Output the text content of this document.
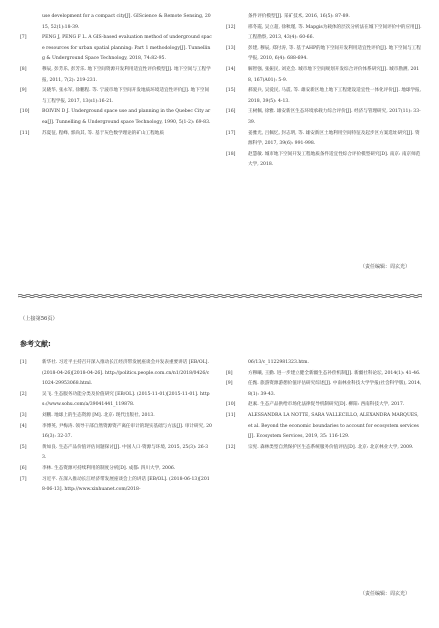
use development for a compact city[J]. GIScience & Remote Sensing, 2015, 52(1):18-39.
[7]	PENG J, PENG F L. A GIS-based evaluation method of underground space resources for urban spatial planning: Part 1 methodology[J]. Tunnelling & Underground Space Technology, 2018, 74:82-95.
[8]	穆辰, 彭芳乐, 彭芳乐. 地下空间资源开发利用适宜性评价模型[J]. 地下空间与工程学报, 2011, 7(2): 219-231.
[9]	吴晓华, 张永军, 徐鹏程. 等. 宁波市地下空间开发地质环境适宜性评价[J]. 地下空间与工程学报, 2017, 13(s1):16-21.
[10]	BOIVIN D J. Underground space use and planning in the Quebec City area[J]. Tunnelling & Underground space Technology, 1990, 5(1-2): 69-83.
[11]	苏夏征, 程峰, 郭尚其, 等. 基于灰色数学理论的矿山工程地质
条件评价模型[J]. 采矿技术, 2016, 16(5): 87-89.
[12]	邢冬霞, 吴立超, 徐秋瑾, 等. Mapgis为载体的层次分析法在城下空间评价中的应用[J]. 工程勘察, 2013, 43(4): 60-66.
[13]	彭建, 穆辰, 郑付涛, 等. 基于AHP的地下空间开发利用适宜性评价[J]. 地下空间与工程学报, 2010, 6(4): 688-694.
[14]	解智强, 张振民, 刘克会. 城市地下空间规划开发综合评价体系研究[J]. 城市勘测, 2018, 167(A01): 5-9.
[15]	郝爱兵, 吴爱民, 马震, 等. 雄安新区地上地下工程建设适宜性一体化评价[J]. 地球学报, 2018, 39(5): 4-13.
[16]	王树佩, 徐雅. 雄安新区生态环境承载力综合评价[J]. 经济与管理研究, 2017(11): 33-39.
[17]	姜雅光, 吕佩忆, 封志明, 等. 雄安新区土地利用空间特征及起步区方案选址研究[J]. 资源科学, 2017, 39(6): 991-998.
[18]	赵慧敏. 城市地下空间开发工程地质条件适宜性综合评价模型研究[D]. 南京: 南京师范大学, 2018.
（责任编辑：周玄光）
（上接第56页）
参考文献:
[1]	新华社. 习近平主持召开深入推动长江经济带发展座谈会并发表重要讲话 [EB/OL]. (2018-04-26)[2018-04-26]. http://politics.people.com.cn/n1/2018/0426/c1024-29953068.html.
[2]	吴飞. 生态服务功能分类及价值研究 [EB/OL]. (2015-11-01)[2015-11-01]. https://www.sohu.com/a/39041441_119878.
[3]	刘鹏. 地球上的生态资源 [M]. 北京: 现代出版社, 2013.
[4]	李博英, 尹梅涛. 领导干部自然资源资产离任审计的现实基础与方法[J]. 审计研究, 2016(3): 32-37.
[5]	黄如良. 生态产品价值评估问题探讨[J]. 中国人口·资源与环境, 2015, 25(3): 26-33.
[6]	李林. 生态资源可持续利用的制度分析[D]. 成都: 四川大学, 2006.
[7]	习近平. 在深入推动长江经济带发展座谈会上的讲话 [EB/OL]. (2018-06-13)[2018-06-13]. http://www.xinhuanet.com/2018-
06/13/c_1122981323.htm.
[8]	方穆曦, 王勤. 进一步建立健全新疆生态补偿机制[J]. 新疆社科论坛, 2014(1): 41-46.
[9]	任甄. 旅游资源游憩价值评估研究综述[J]. 中南林业科技大学学报(社会科学版), 2014, 8(1): 39-43.
[10]	赵素. 生态产品供给市场化法律促导机制研究[D]. 柳阳: 西南科技大学, 2017.
[11]	ALESSANDRA LA NOTTE, SARA VALLECILLO, ALEXANDRA MARQUES, et al. Beyond the economic boundaries to account for ecosystem services[J]. Ecosystem Services, 2019, 35: 116-129.
[12]	宗宪. 森林类型自然保护区生态系统服务价值评估[D]. 北京: 北京林业大学, 2009.
（责任编辑：周玄光）
